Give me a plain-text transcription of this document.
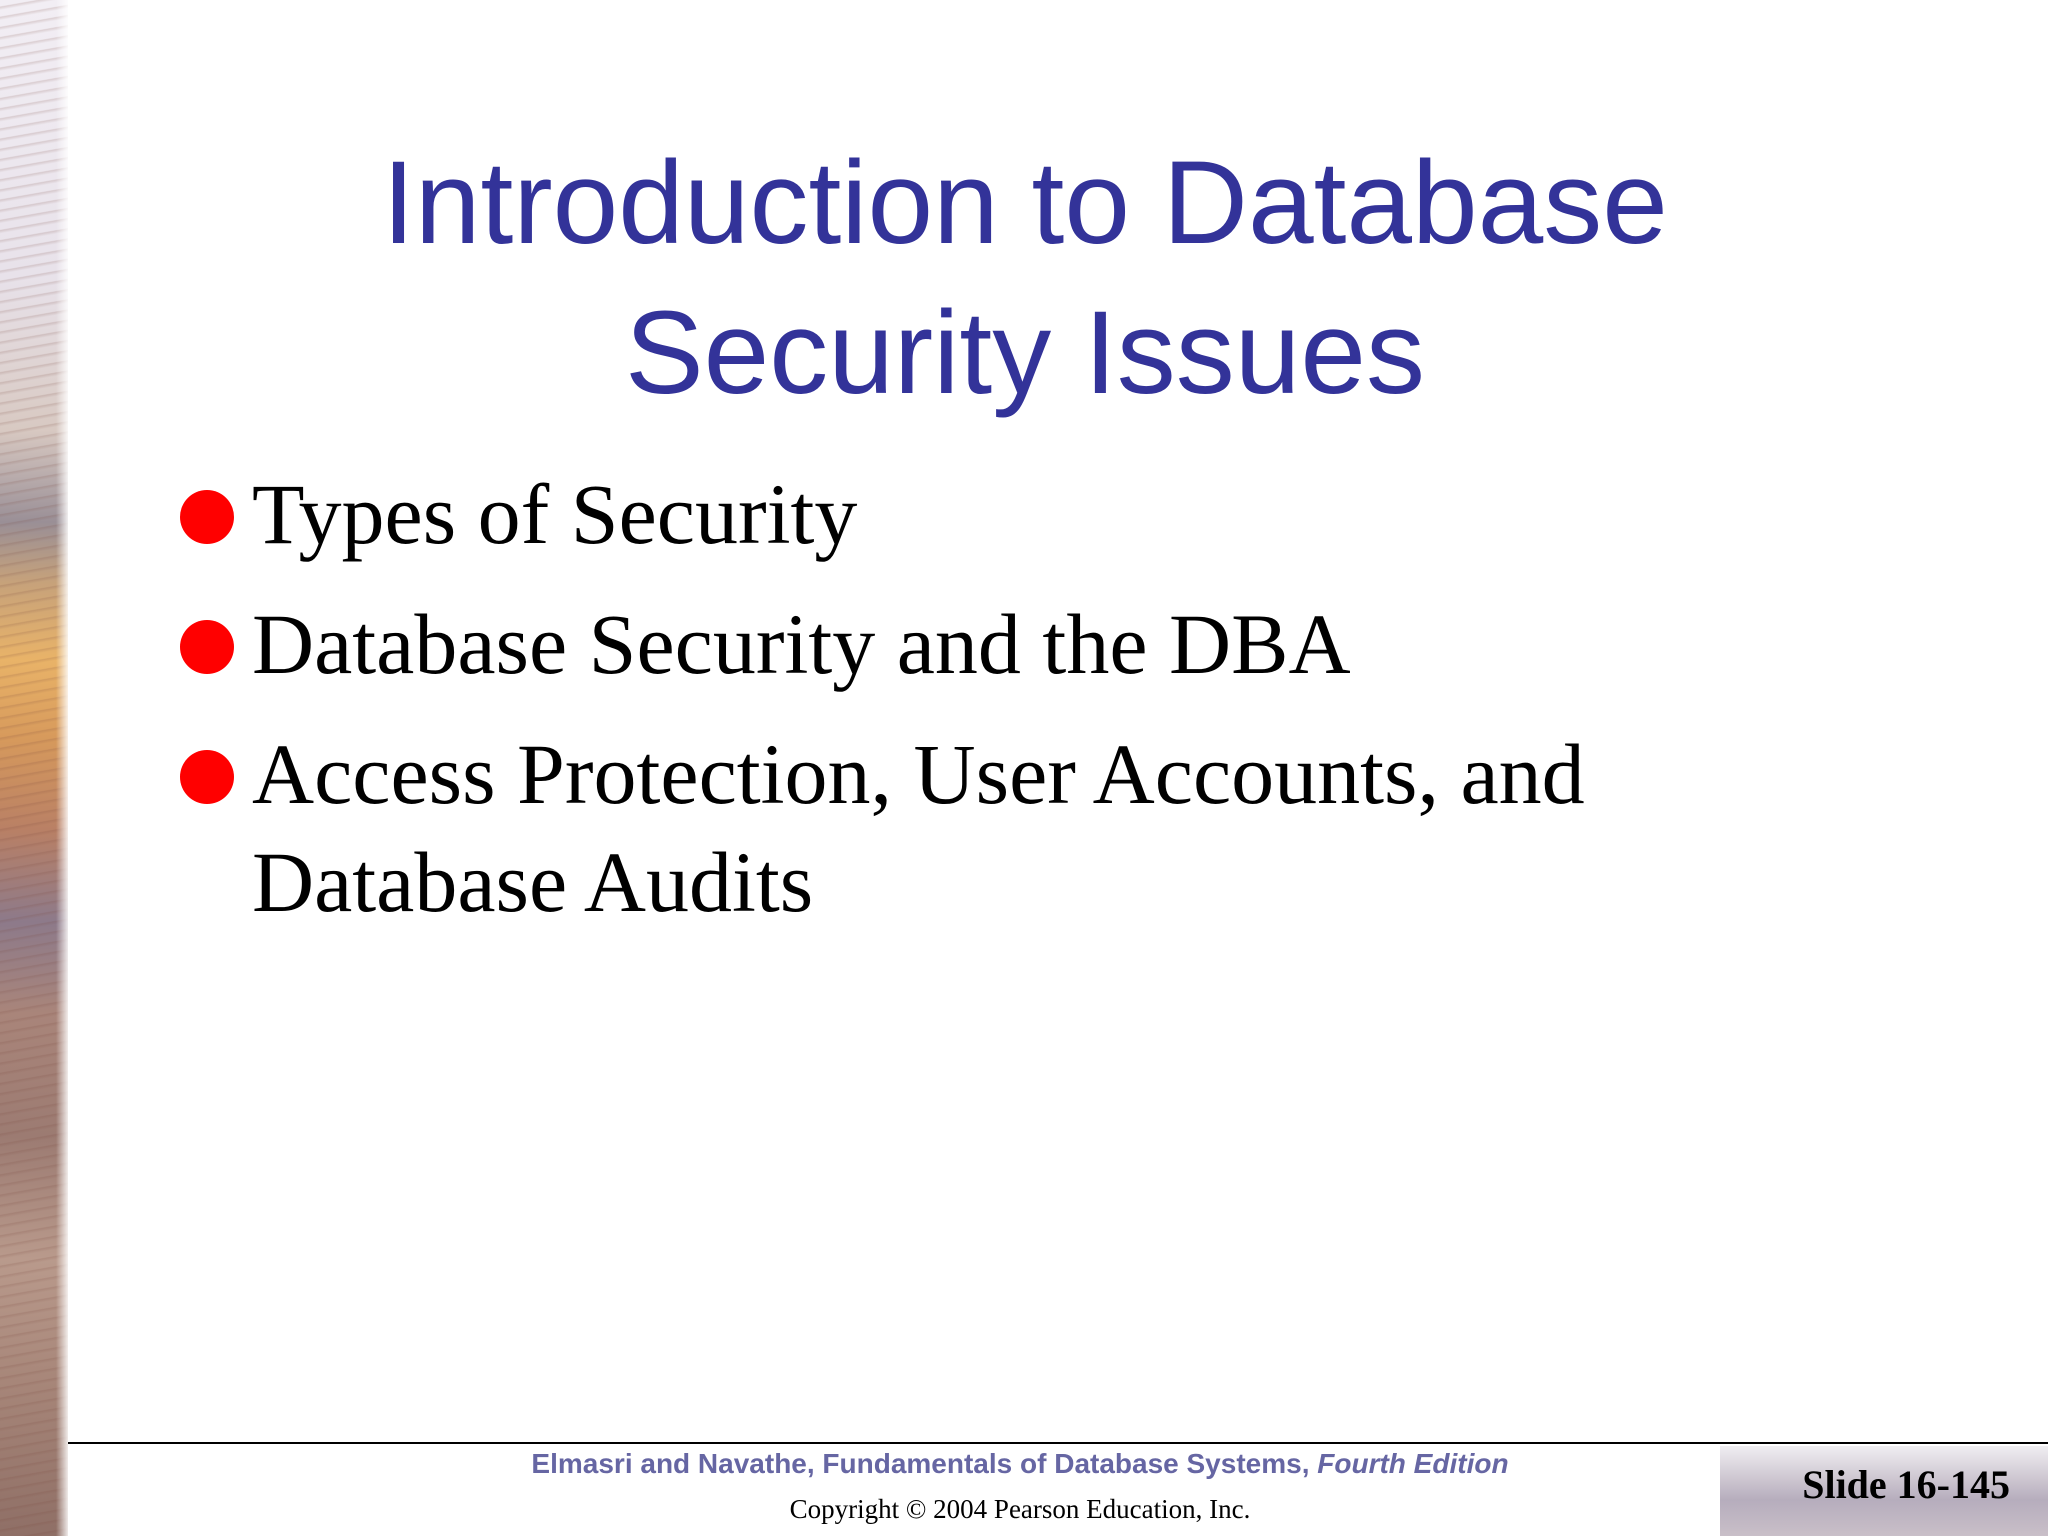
Introduction to Database
Security Issues
Types of Security
Database Security and the DBA
Access Protection, User Accounts, and Database Audits
Elmasri and Navathe, Fundamentals of Database Systems, Fourth Edition
Copyright © 2004 Pearson Education, Inc.
Slide 16-145
